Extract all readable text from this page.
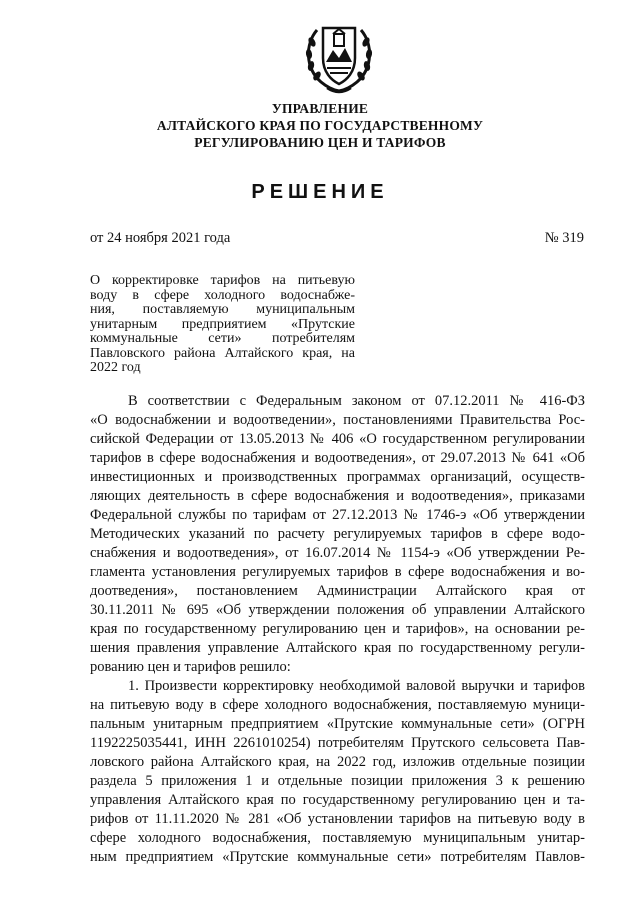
УПРАВЛЕНИЕ
АЛТАЙСКОГО КРАЯ ПО ГОСУДАРСТВЕННОМУ
РЕГУЛИРОВАНИЮ ЦЕН И ТАРИФОВ
РЕШЕНИЕ
от 24 ноября 2021 года	№ 319
О корректировке тарифов на питьевую
воду в сфере холодного водоснабже-
ния, поставляемую муниципальным
унитарным предприятием «Прутские
коммунальные сети» потребителям
Павловского района Алтайского края, на
2022 год
В соответствии с Федеральным законом от 07.12.2011 № 416-ФЗ
«О водоснабжении и водоотведении», постановлениями Правительства Рос-
сийской Федерации от 13.05.2013 № 406 «О государственном регулировании
тарифов в сфере водоснабжения и водоотведения», от 29.07.2013 № 641 «Об
инвестиционных и производственных программах организаций, осуществ-
ляющих деятельность в сфере водоснабжения и водоотведения», приказами
Федеральной службы по тарифам от 27.12.2013 № 1746-э «Об утверждении
Методических указаний по расчету регулируемых тарифов в сфере водо-
снабжения и водоотведения», от 16.07.2014 № 1154-э «Об утверждении Ре-
гламента установления регулируемых тарифов в сфере водоснабжения и во-
доотведения», постановлением Администрации Алтайского края от
30.11.2011 № 695 «Об утверждении положения об управлении Алтайского
края по государственному регулированию цен и тарифов», на основании ре-
шения правления управление Алтайского края по государственному регули-
рованию цен и тарифов решило:
1. Произвести корректировку необходимой валовой выручки и тарифов
на питьевую воду в сфере холодного водоснабжения, поставляемую муници-
пальным унитарным предприятием «Прутские коммунальные сети» (ОГРН
1192225035441, ИНН 2261010254) потребителям Прутского сельсовета Пав-
ловского района Алтайского края, на 2022 год, изложив отдельные позиции
раздела 5 приложения 1 и отдельные позиции приложения 3 к решению
управления Алтайского края по государственному регулированию цен и та-
рифов от 11.11.2020 № 281 «Об установлении тарифов на питьевую воду в
сфере холодного водоснабжения, поставляемую муниципальным унитар-
ным предприятием «Прутские коммунальные сети» потребителям Павлов-
